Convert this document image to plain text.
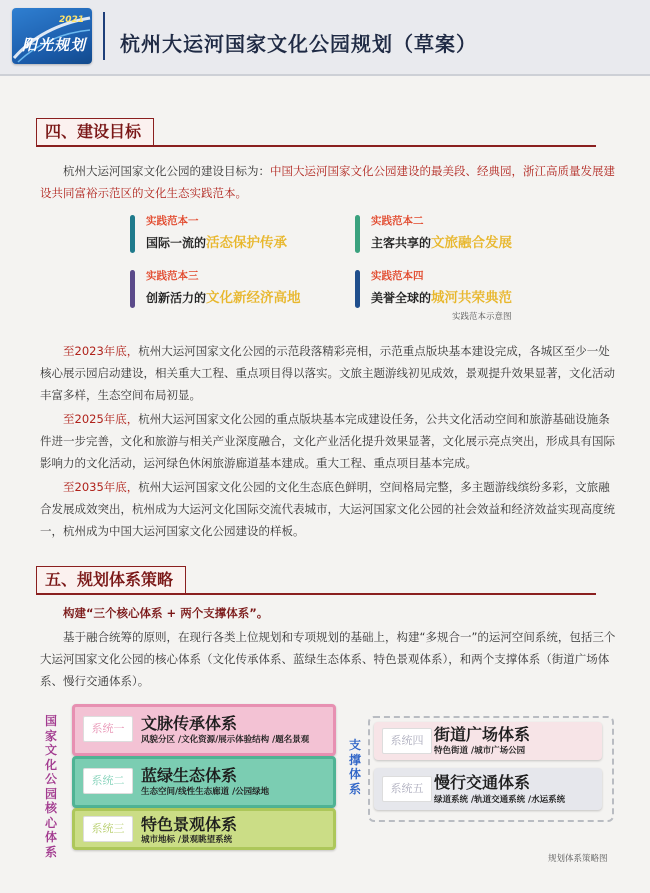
2021
阳光规划 杭州大运河国家文化公园规划（草案）
四、建设目标

杭州大运河国家文化公园的建设目标为：中国大运河国家文化公园建设的最美段、经典园，浙江高质量发展建设共同富裕示范区的文化生态实践范本。

实践范本一
国际一流的活态保护传承
实践范本二
主客共享的文旅融合发展
实践范本三
创新活力的文化新经济高地
实践范本四
美誉全球的城河共荣典范
实践范本示意图

至2023年底，杭州大运河国家文化公园的示范段落精彩亮相，示范重点版块基本建设完成，各城区至少一处核心展示园启动建设，相关重大工程、重点项目得以落实。文旅主题游线初见成效，景观提升效果显著，文化活动丰富多样，生态空间布局初显。

至2025年底，杭州大运河国家文化公园的重点版块基本完成建设任务，公共文化活动空间和旅游基础设施条件进一步完善，文化和旅游与相关产业深度融合，文化产业活化提升效果显著，文化展示亮点突出，形成具有国际影响力的文化活动，运河绿色休闲旅游廊道基本建成。重大工程、重点项目基本完成。

至2035年底，杭州大运河国家文化公园的文化生态底色鲜明，空间格局完整，多主题游线缤纷多彩，文旅融合发展成效突出，杭州成为大运河文化国际交流代表城市，大运河国家文化公园的社会效益和经济效益实现高度统一，杭州成为中国大运河国家文化公园建设的样板。

五、规划体系策略

构建“三个核心体系 + 两个支撑体系”。

基于融合统筹的原则，在现行各类上位规划和专项规划的基础上，构建“多规合一”的运河空间系统，包括三个大运河国家文化公园的核心体系（文化传承体系、蓝绿生态体系、特色景观体系），和两个支撑体系（街道广场体系、慢行交通体系）。

国家文化公园核心体系
系统一	文脉传承体系
风貌分区 /文化资源/展示体验结构 /题名景观
系统二	蓝绿生态体系
生态空间/线性生态廊道 /公园绿地
系统三	特色景观体系
城市地标 /景观眺望系统
支撑体系
系统四 街道广场体系
特色街道 /城市广场公园
系统五 慢行交通体系
绿道系统 /轨道交通系统 /水运系统
规划体系策略图
